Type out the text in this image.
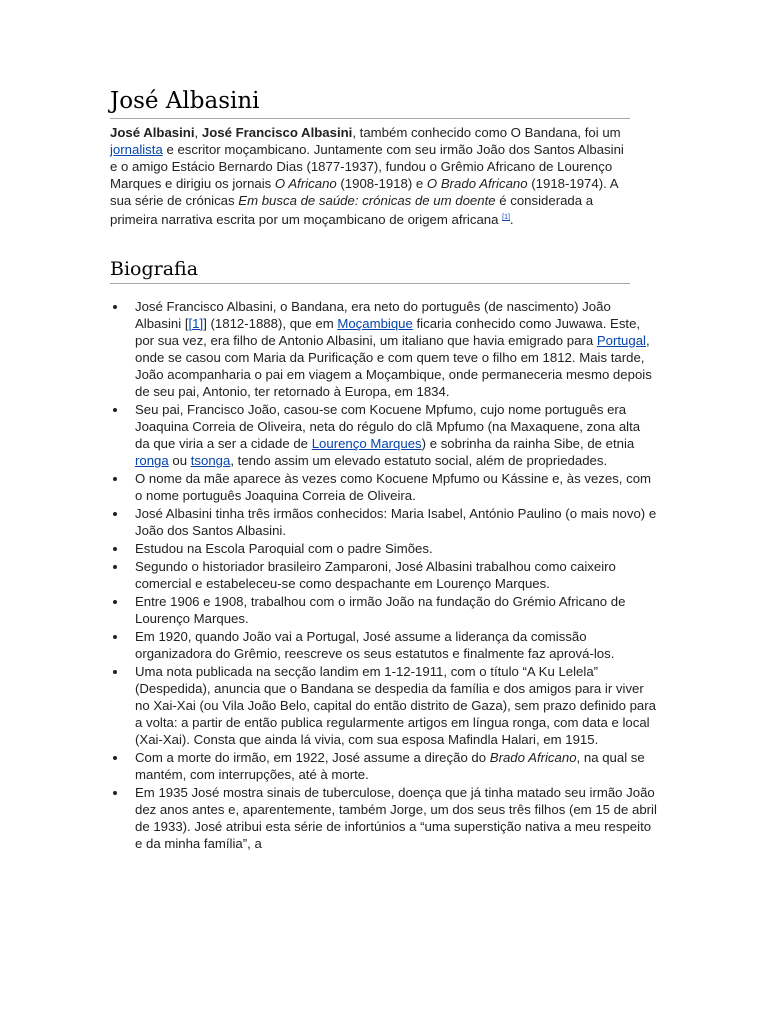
José Albasini

José Albasini, José Francisco Albasini, também conhecido como O Bandana, foi um jornalista e escritor moçambicano. Juntamente com seu irmão João dos Santos Albasini e o amigo Estácio Bernardo Dias (1877-1937), fundou o Grêmio Africano de Lourenço Marques e dirigiu os jornais O Africano (1908-1918) e O Brado Africano (1918-1974). A sua série de crónicas Em busca de saúde: crónicas de um doente é considerada a primeira narrativa escrita por um moçambicano de origem africana [1].

Biografia
José Francisco Albasini, o Bandana, era neto do português (de nascimento) João Albasini [[1]] (1812-1888), que em Moçambique ficaria conhecido como Juwawa. Este, por sua vez, era filho de Antonio Albasini, um italiano que havia emigrado para Portugal, onde se casou com Maria da Purificação e com quem teve o filho em 1812. Mais tarde, João acompanharia o pai em viagem a Moçambique, onde permaneceria mesmo depois de seu pai, Antonio, ter retornado à Europa, em 1834.
Seu pai, Francisco João, casou-se com Kocuene Mpfumo, cujo nome português era Joaquina Correia de Oliveira, neta do régulo do clã Mpfumo (na Maxaquene, zona alta da que viria a ser a cidade de Lourenço Marques) e sobrinha da rainha Sibe, de etnia ronga ou tsonga, tendo assim um elevado estatuto social, além de propriedades.
O nome da mãe aparece às vezes como Kocuene Mpfumo ou Kássine e, às vezes, com o nome português Joaquina Correia de Oliveira.
José Albasini tinha três irmãos conhecidos: Maria Isabel, António Paulino (o mais novo) e João dos Santos Albasini.
Estudou na Escola Paroquial com o padre Simões.
Segundo o historiador brasileiro Zamparoni, José Albasini trabalhou como caixeiro comercial e estabeleceu-se como despachante em Lourenço Marques.
Entre 1906 e 1908, trabalhou com o irmão João na fundação do Grémio Africano de Lourenço Marques.
Em 1920, quando João vai a Portugal, José assume a liderança da comissão organizadora do Grêmio, reescreve os seus estatutos e finalmente faz aprová-los.
Uma nota publicada na secção landim em 1-12-1911, com o título “A Ku Lelela” (Despedida), anuncia que o Bandana se despedia da família e dos amigos para ir viver no Xai-Xai (ou Vila João Belo, capital do então distrito de Gaza), sem prazo definido para a volta: a partir de então publica regularmente artigos em língua ronga, com data e local (Xai-Xai). Consta que ainda lá vivia, com sua esposa Mafindla Halari, em 1915.
Com a morte do irmão, em 1922, José assume a direção do Brado Africano, na qual se mantém, com interrupções, até à morte.
Em 1935 José mostra sinais de tuberculose, doença que já tinha matado seu irmão João dez anos antes e, aparentemente, também Jorge, um dos seus três filhos (em 15 de abril de 1933). José atribui esta série de infortúnios a “uma superstição nativa a meu respeito e da minha família”, a
